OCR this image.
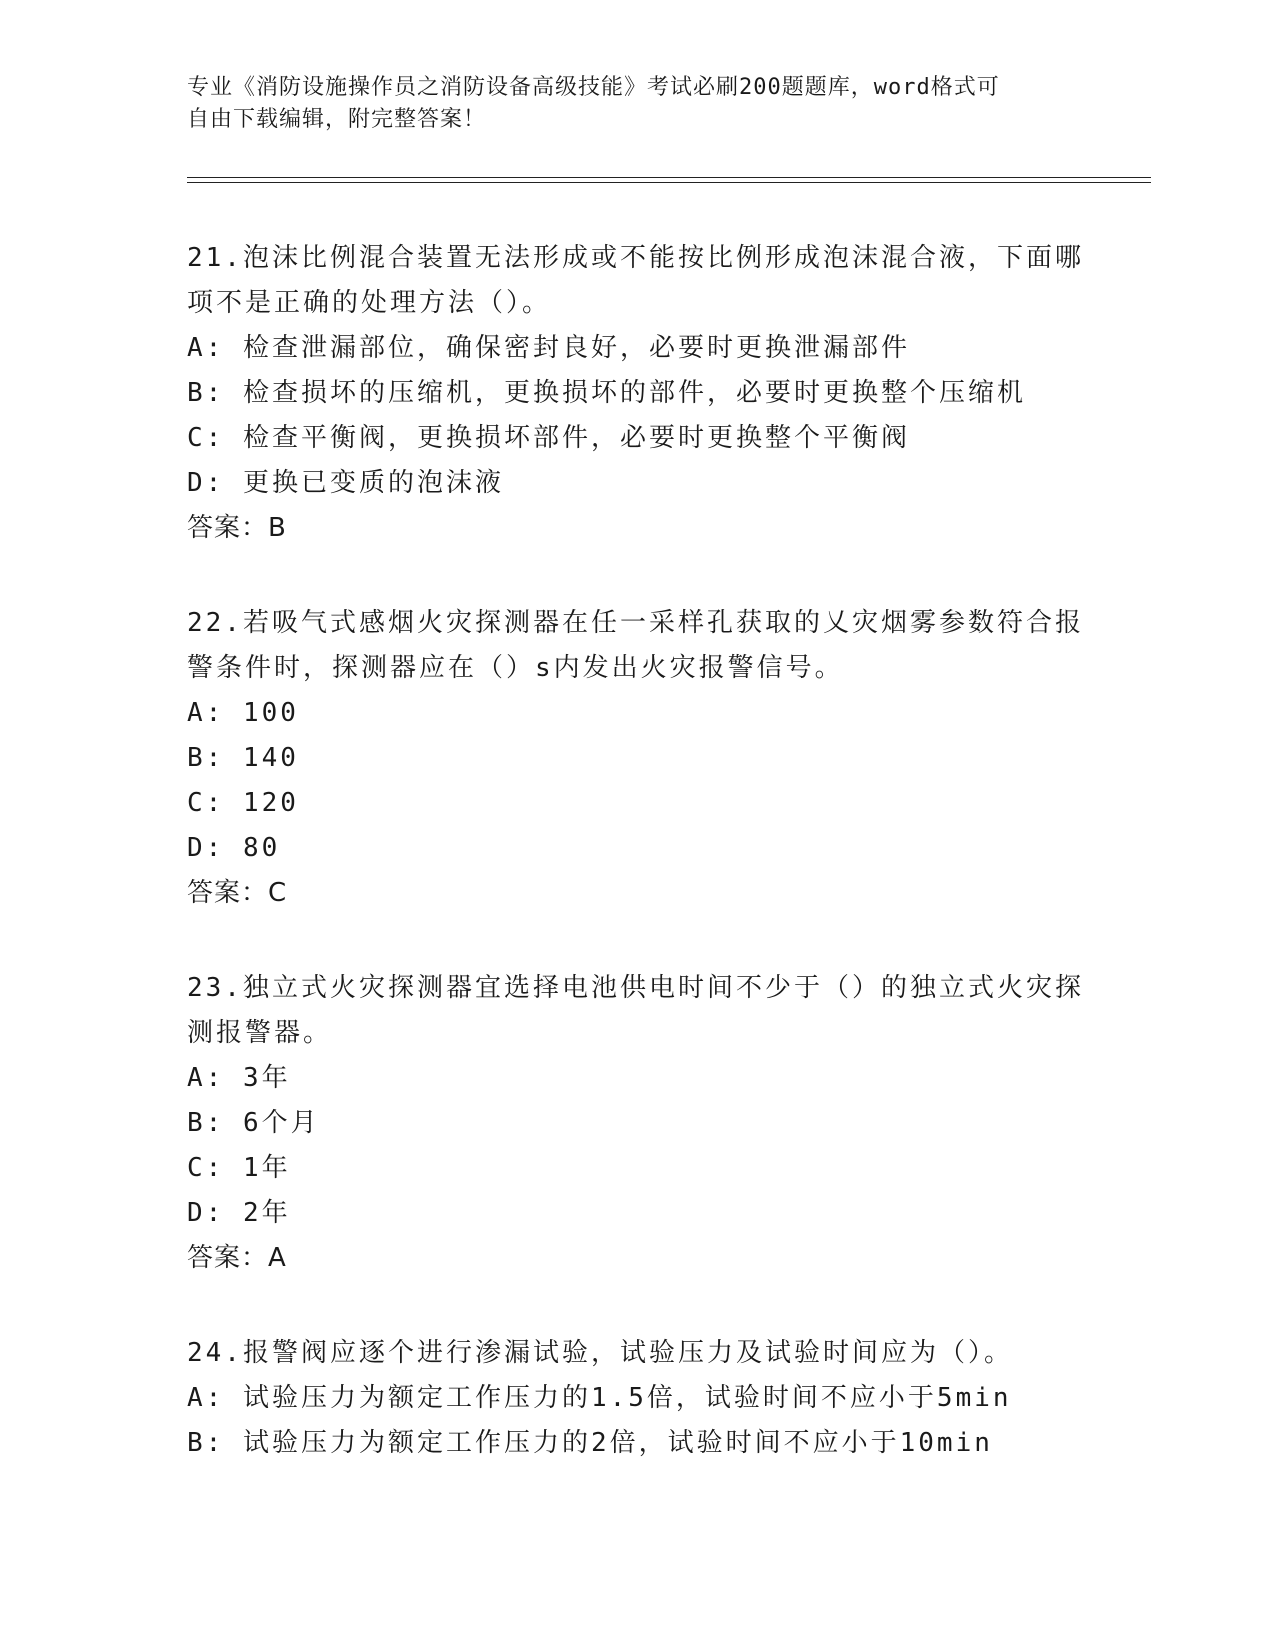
专业《消防设施操作员之消防设备高级技能》考试必刷200题题库，word格式可
自由下载编辑，附完整答案！

21.泡沫比例混合装置无法形成或不能按比例形成泡沫混合液，下面哪

项不是正确的处理方法（）。

A: 检查泄漏部位，确保密封良好，必要时更换泄漏部件

B: 检查损坏的压缩机，更换损坏的部件，必要时更换整个压缩机

C: 检查平衡阀，更换损坏部件，必要时更换整个平衡阀

D: 更换已变质的泡沫液

答案：B

22.若吸气式感烟火灾探测器在任一采样孔获取的乂灾烟雾参数符合报

警条件时，探测器应在（）s内发出火灾报警信号。

A: 100

B: 140

C: 120

D: 80

答案：C

23.独立式火灾探测器宜选择电池供电时间不少于（）的独立式火灾探

测报警器。

A: 3年

B: 6个月

C: 1年

D: 2年

答案：A

24.报警阀应逐个进行渗漏试验，试验压力及试验时间应为（）。

A: 试验压力为额定工作压力的1.5倍，试验时间不应小于5min

B: 试验压力为额定工作压力的2倍，试验时间不应小于10min
